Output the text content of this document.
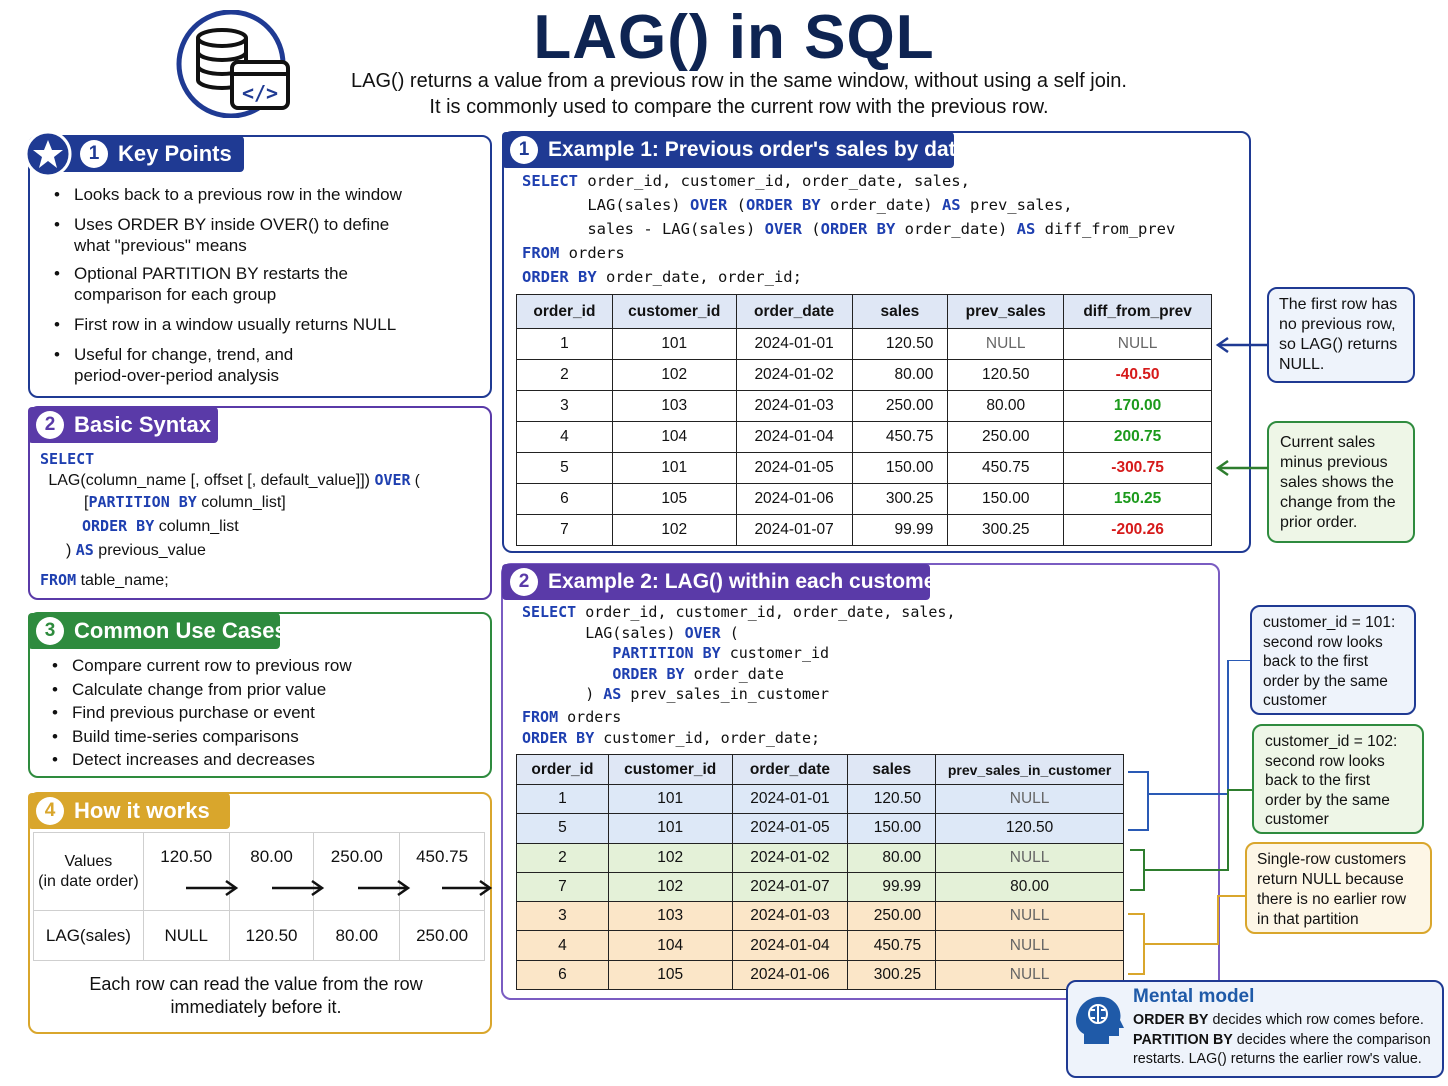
</>
LAG() in SQL
LAG() returns a value from a previous row in the same window, without using a self join.
It is commonly used to compare the current row with the previous row.
1 Key Points
• Looks back to a previous row in the window
• Uses ORDER BY inside OVER() to define
what "previous" means
• Optional PARTITION BY restarts the
comparison for each group
• First row in a window usually returns NULL
• Useful for change, trend, and
period-over-period analysis
2 Basic Syntax

SELECT

LAG(column_name [, offset [, default_value]]) OVER (

[PARTITION BY column_list]

ORDER BY column_list

) AS previous_value

FROM table_name;

3 Common Use Cases
• Compare current row to previous row
• Calculate change from prior value
• Find previous purchase or event
• Build time-series comparisons
• Detect increases and decreases
4 How it works
Values
(in date order)	120.50	80.00	250.00	450.75
LAG(sales)	NULL	120.50	80.00	250.00
Each row can read the value from the row
immediately before it.
1 Example 1: Previous order's sales by date

SELECT order_id, customer_id, order_date, sales,

LAG(sales) OVER (ORDER BY order_date) AS prev_sales,

sales - LAG(sales) OVER (ORDER BY order_date) AS diff_from_prev

FROM orders

ORDER BY order_date, order_id;

order_id	customer_id	order_date	sales	prev_sales	diff_from_prev
1	101	2024-01-01	120.50	NULL	NULL
2	102	2024-01-02	80.00	120.50	-40.50
3	103	2024-01-03	250.00	80.00	170.00
4	104	2024-01-04	450.75	250.00	200.75
5	101	2024-01-05	150.00	450.75	-300.75
6	105	2024-01-06	300.25	150.00	150.25
7	102	2024-01-07	99.99	300.25	-200.26
The first row has
no previous row,
so LAG() returns
NULL.
Current sales
minus previous
sales shows the
change from the
prior order.
2 Example 2: LAG() within each customer

SELECT order_id, customer_id, order_date, sales,

LAG(sales) OVER (

PARTITION BY customer_id

ORDER BY order_date

) AS prev_sales_in_customer

FROM orders

ORDER BY customer_id, order_date;

order_id	customer_id	order_date	sales	prev_sales_in_customer
1	101	2024-01-01	120.50	NULL
5	101	2024-01-05	150.00	120.50
2	102	2024-01-02	80.00	NULL
7	102	2024-01-07	99.99	80.00
3	103	2024-01-03	250.00	NULL
4	104	2024-01-04	450.75	NULL
6	105	2024-01-06	300.25	NULL
customer_id = 101:
second row looks
back to the first
order by the same
customer
customer_id = 102:
second row looks
back to the first
order by the same
customer
Single-row customers
return NULL because
there is no earlier row
in that partition
Mental model
ORDER BY decides which row comes before.
PARTITION BY decides where the comparison
restarts. LAG() returns the earlier row's value.
